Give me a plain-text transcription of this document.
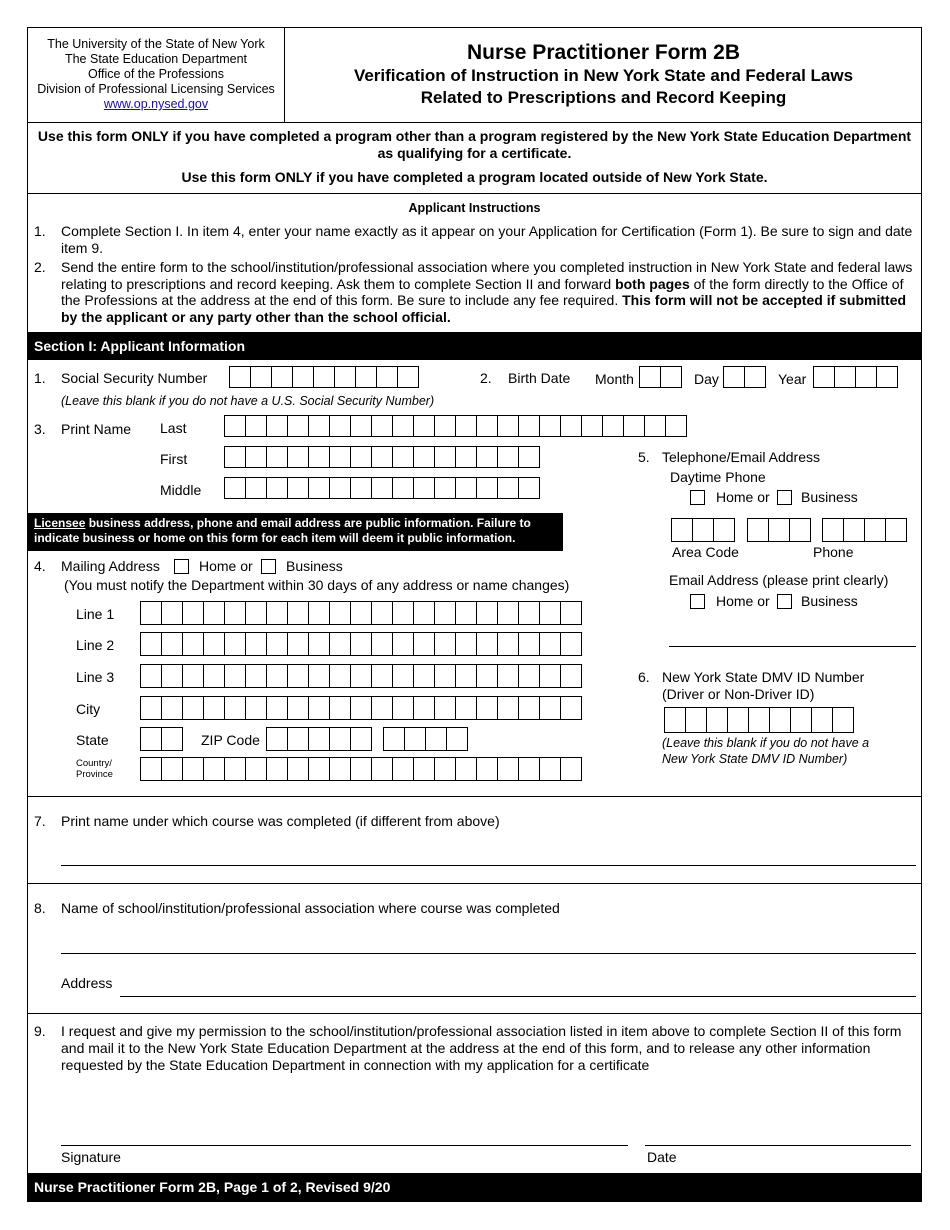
The University of the State of New York
The State Education Department
Office of the Professions
Division of Professional Licensing Services
www.op.nysed.gov
Nurse Practitioner Form 2B
Verification of Instruction in New York State and Federal Laws
Related to Prescriptions and Record Keeping
Use this form ONLY if you have completed a program other than a program registered by the New York State Education Department
as qualifying for a certificate.
Use this form ONLY if you have completed a program located outside of New York State.
Applicant Instructions
1. Complete Section I. In item 4, enter your name exactly as it appear on your Application for Certification (Form 1). Be sure to sign and date item 9.
2. Send the entire form to the school/institution/professional association where you completed instruction in New York State and federal laws relating to prescriptions and record keeping. Ask them to complete Section II and forward both pages of the form directly to the Office of the Professions at the address at the end of this form. Be sure to include any fee required. This form will not be accepted if submitted by the applicant or any party other than the school official.
Section I: Applicant Information
1. Social Security Number
(Leave this blank if you do not have a U.S. Social Security Number)
2. Birth Date Month	Day	Year
3. Print Name Last
First
Middle
Licensee business address, phone and email address are public information. Failure to
indicate business or home on this form for each item will deem it public information.
5. Telephone/Email Address
Daytime Phone
Home or Business
Area Code	Phone
Email Address (please print clearly)
Home or Business
4. Mailing Address	Home or Business
(You must notify the Department within 30 days of any address or name changes)
Line 1
Line 2
Line 3
City
State	ZIP Code
Country/
Province
6. New York State DMV ID Number
(Driver or Non-Driver ID)
(Leave this blank if you do not have a
New York State DMV ID Number)
7. Print name under which course was completed (if different from above)
8. Name of school/institution/professional association where course was completed
Address
9. I request and give my permission to the school/institution/professional association listed in item above to complete Section II of this form
and mail it to the New York State Education Department at the address at the end of this form, and to release any other information
requested by the State Education Department in connection with my application for a certificate
Signature	Date
Nurse Practitioner Form 2B, Page 1 of 2, Revised 9/20
